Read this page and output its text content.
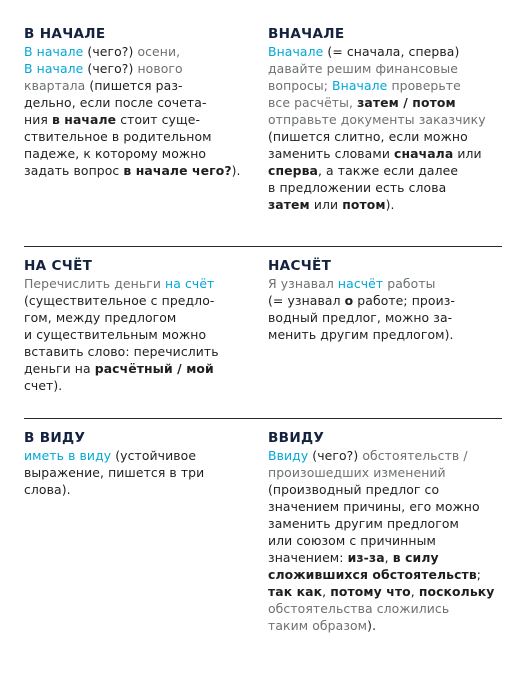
В НАЧАЛЕ
В начале (чего?) осени,
В начале (чего?) нового
квартала (пишется раз-
дельно, если после сочета-
ния в начале стоит суще-
ствительное в родительном
падеже, к которому можно
задать вопрос в начале чего?).
ВНАЧАЛЕ
Вначале (= сначала, сперва)
давайте решим финансовые
вопросы; Вначале проверьте
все расчёты, затем / потом
отправьте документы заказчику
(пишется слитно, если можно
заменить словами сначала или
сперва, а также если далее
в предложении есть слова
затем или потом).
НА СЧЁТ
Перечислить деньги на счёт
(существительное с предло-
гом, между предлогом
и существительным можно
вставить слово: перечислить
деньги на расчётный / мой
счет).
НАСЧЁТ
Я узнавал насчёт работы
(= узнавал о работе; произ-
водный предлог, можно за-
менить другим предлогом).
В ВИДУ
иметь в виду (устойчивое
выражение, пишется в три
слова).
ВВИДУ
Ввиду (чего?) обстоятельств /
произошедших изменений
(производный предлог со
значением причины, его можно
заменить другим предлогом
или союзом с причинным
значением: из-за, в силу
сложившихся обстоятельств;
так как, потому что, поскольку
обстоятельства сложились
таким образом).
